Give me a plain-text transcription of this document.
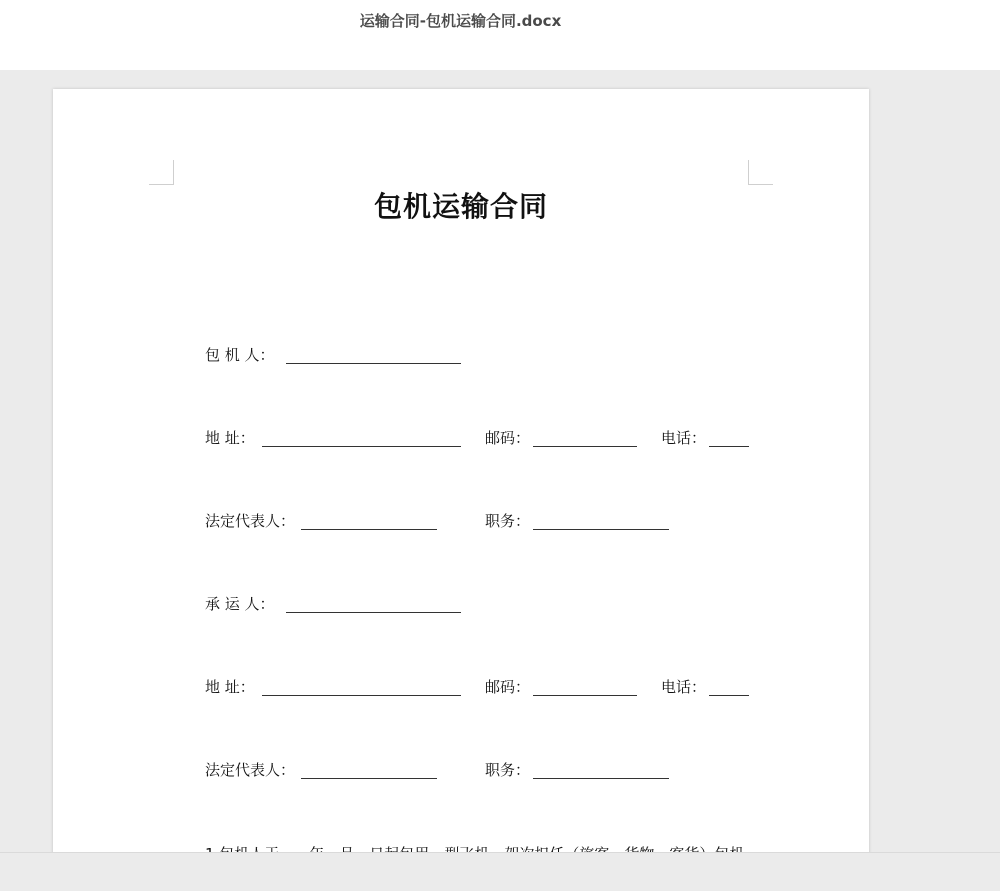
运输合同-包机运输合同.docx
包机运输合同
包 机 人：
地 址：	邮码：	电话：
法定代表人：	职务：
承 运 人：
地 址：	邮码：	电话：
法定代表人：	职务：
